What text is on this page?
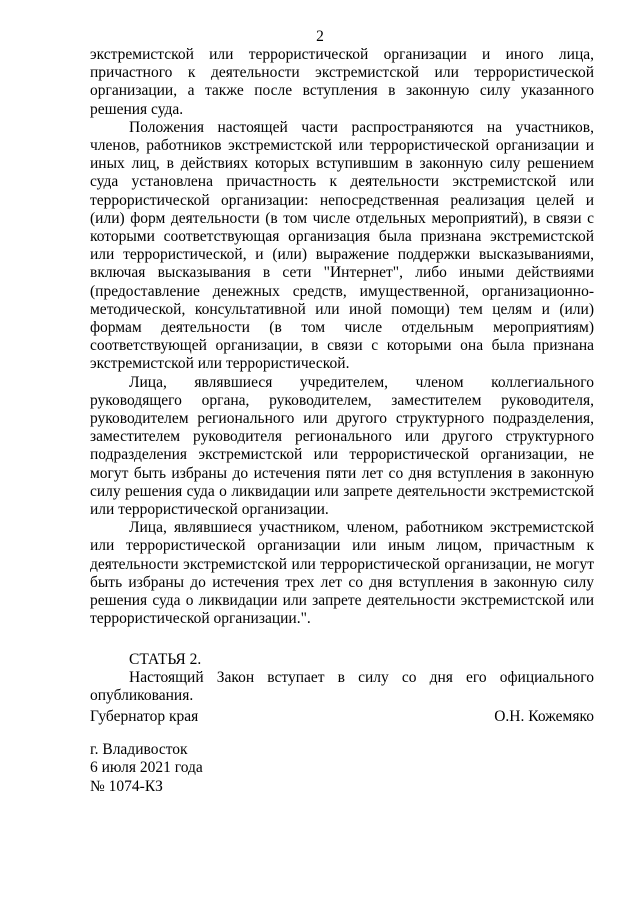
2

экстремистской или террористической организации и иного лица, причастного к деятельности экстремистской или террористической организации, а также после вступления в законную силу указанного решения суда.

Положения настоящей части распространяются на участников, членов, работников экстремистской или террористической организации и иных лиц, в действиях которых вступившим в законную силу решением суда установлена причастность к деятельности экстремистской или террористической организации: непосредственная реализация целей и (или) форм деятельности (в том числе отдельных мероприятий), в связи с которыми соответствующая организация была признана экстремистской или террористической, и (или) выражение поддержки высказываниями, включая высказывания в сети "Интернет", либо иными действиями (предоставление денежных средств, имущественной, организационно-методической, консультативной или иной помощи) тем целям и (или) формам деятельности (в том числе отдельным мероприятиям) соответствующей организации, в связи с которыми она была признана экстремистской или террористической.

Лица, являвшиеся учредителем, членом коллегиального руководящего органа, руководителем, заместителем руководителя, руководителем регионального или другого структурного подразделения, заместителем руководителя регионального или другого структурного подразделения экстремистской или террористической организации, не могут быть избраны до истечения пяти лет со дня вступления в законную силу решения суда о ликвидации или запрете деятельности экстремистской или террористической организации.

Лица, являвшиеся участником, членом, работником экстремистской или террористической организации или иным лицом, причастным к деятельности экстремистской или террористической организации, не могут быть избраны до истечения трех лет со дня вступления в законную силу решения суда о ликвидации или запрете деятельности экстремистской или террористической организации.".

СТАТЬЯ 2.

Настоящий Закон вступает в силу со дня его официального опубликования.

Губернатор края	О.Н. Кожемяко
г. Владивосток
6 июля 2021 года
№ 1074-КЗ
